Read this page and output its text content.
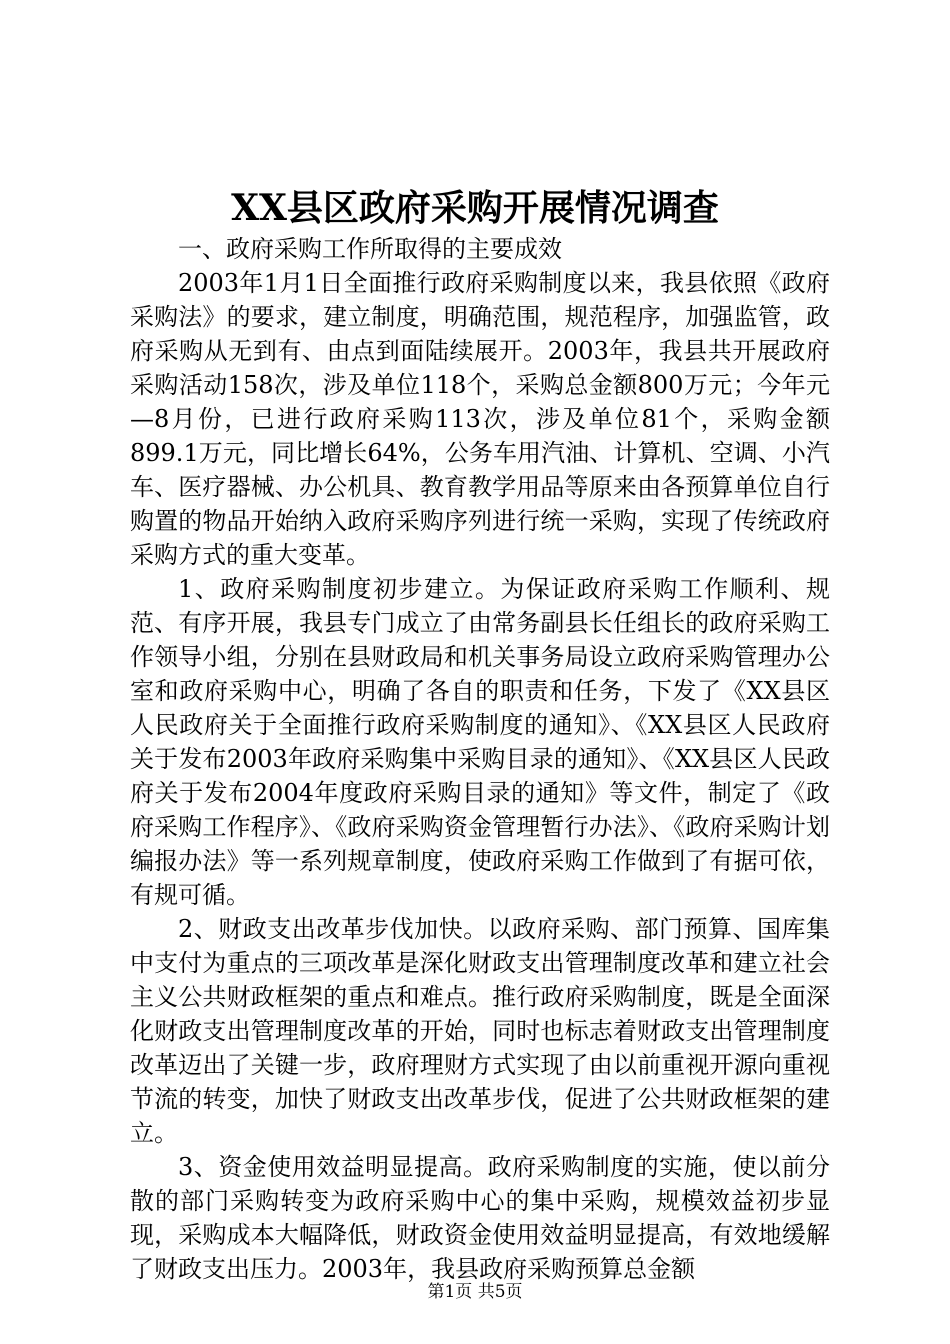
XX县区政府采购开展情况调查

一、政府采购工作所取得的主要成效

2003年1月1日全面推行政府采购制度以来，我县依照《政府采购法》的要求，建立制度，明确范围，规范程序，加强监管，政府采购从无到有、由点到面陆续展开。2003年，我县共开展政府采购活动158次，涉及单位118个，采购总金额800万元；今年元—8月份，已进行政府采购113次，涉及单位81个，采购金额899.1万元，同比增长64%，公务车用汽油、计算机、空调、小汽车、医疗器械、办公机具、教育教学用品等原来由各预算单位自行购置的物品开始纳入政府采购序列进行统一采购，实现了传统政府采购方式的重大变革。

1、政府采购制度初步建立。为保证政府采购工作顺利、规范、有序开展，我县专门成立了由常务副县长任组长的政府采购工作领导小组，分别在县财政局和机关事务局设立政府采购管理办公室和政府采购中心，明确了各自的职责和任务，下发了《XX县区人民政府关于全面推行政府采购制度的通知》、《XX县区人民政府关于发布2003年政府采购集中采购目录的通知》、《XX县区人民政府关于发布2004年度政府采购目录的通知》等文件，制定了《政府采购工作程序》、《政府采购资金管理暂行办法》、《政府采购计划编报办法》等一系列规章制度，使政府采购工作做到了有据可依，有规可循。

2、财政支出改革步伐加快。以政府采购、部门预算、国库集中支付为重点的三项改革是深化财政支出管理制度改革和建立社会主义公共财政框架的重点和难点。推行政府采购制度，既是全面深化财政支出管理制度改革的开始，同时也标志着财政支出管理制度改革迈出了关键一步，政府理财方式实现了由以前重视开源向重视节流的转变，加快了财政支出改革步伐，促进了公共财政框架的建立。

3、资金使用效益明显提高。政府采购制度的实施，使以前分散的部门采购转变为政府采购中心的集中采购，规模效益初步显现，采购成本大幅降低，财政资金使用效益明显提高，有效地缓解了财政支出压力。2003年，我县政府采购预算总金额

第1页 共5页
